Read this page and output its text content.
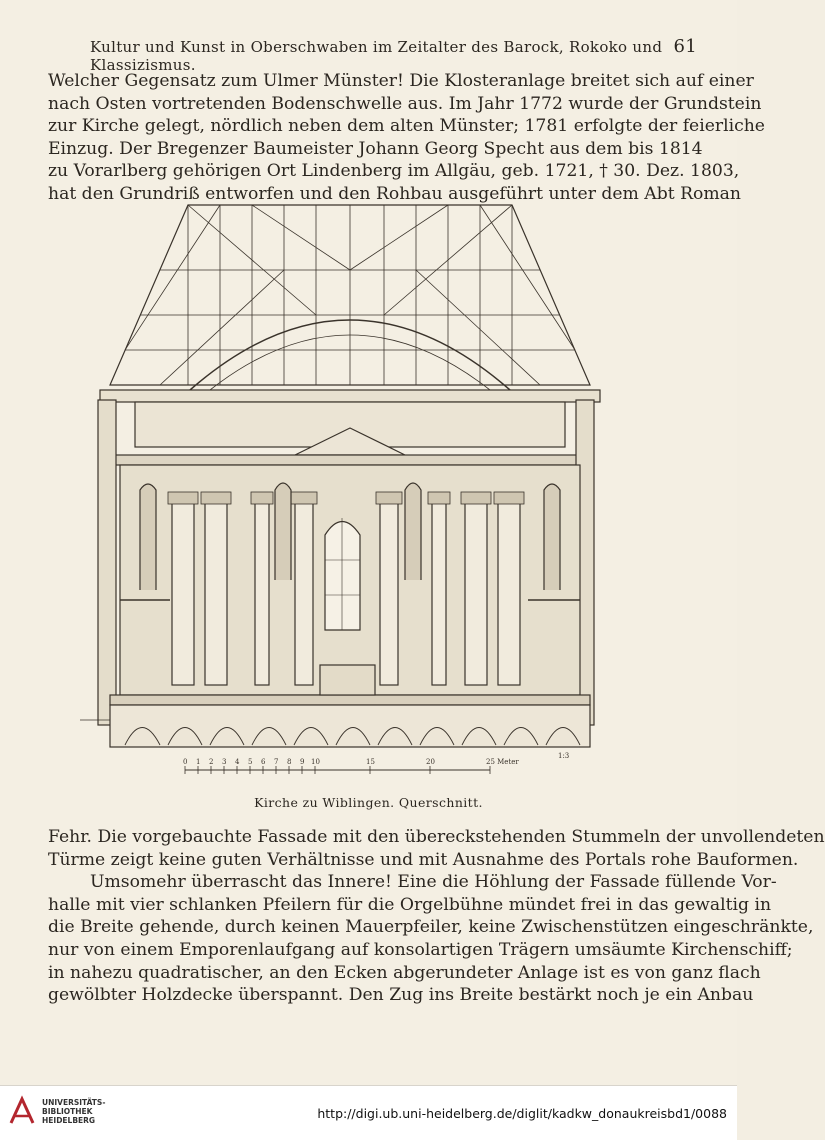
Kultur und Kunst in Oberschwaben im Zeitalter des Barock, Rokoko und Klassizismus.
61
Welcher Gegensatz zum Ulmer Münster! Die Klosteranlage breitet sich auf einer
nach Osten vortretenden Bodenschwelle aus. Im Jahr 1772 wurde der Grundstein
zur Kirche gelegt, nördlich neben dem alten Münster; 1781 erfolgte der feierliche
Einzug. Der Bregenzer Baumeister Johann Georg Specht aus dem bis 1814
zu Vorarlberg gehörigen Ort Lindenberg im Allgäu, geb. 1721, † 30. Dez. 1803,
hat den Grundriß entworfen und den Rohbau ausgeführt unter dem Abt Roman
0 1 2 3 4 5 6 7 8 9 10	15	20	25 Meter
1:3
Kirche zu Wiblingen. Querschnitt.
Fehr. Die vorgebauchte Fassade mit den übereckstehenden Stummeln der unvollendeten
Türme zeigt keine guten Verhältnisse und mit Ausnahme des Portals rohe Bauformen.
Umsomehr überrascht das Innere! Eine die Höhlung der Fassade füllende Vor-
halle mit vier schlanken Pfeilern für die Orgelbühne mündet frei in das gewaltig in
die Breite gehende, durch keinen Mauerpfeiler, keine Zwischenstützen eingeschränkte,
nur von einem Emporenlaufgang auf konsolartigen Trägern umsäumte Kirchenschiff;
in nahezu quadratischer, an den Ecken abgerundeter Anlage ist es von ganz flach
gewölbter Holzdecke überspannt. Den Zug ins Breite bestärkt noch je ein Anbau
UNIVERSITÄTS-
BIBLIOTHEK
HEIDELBERG	http://digi.ub.uni-heidelberg.de/diglit/kadkw_donaukreisbd1/0088
